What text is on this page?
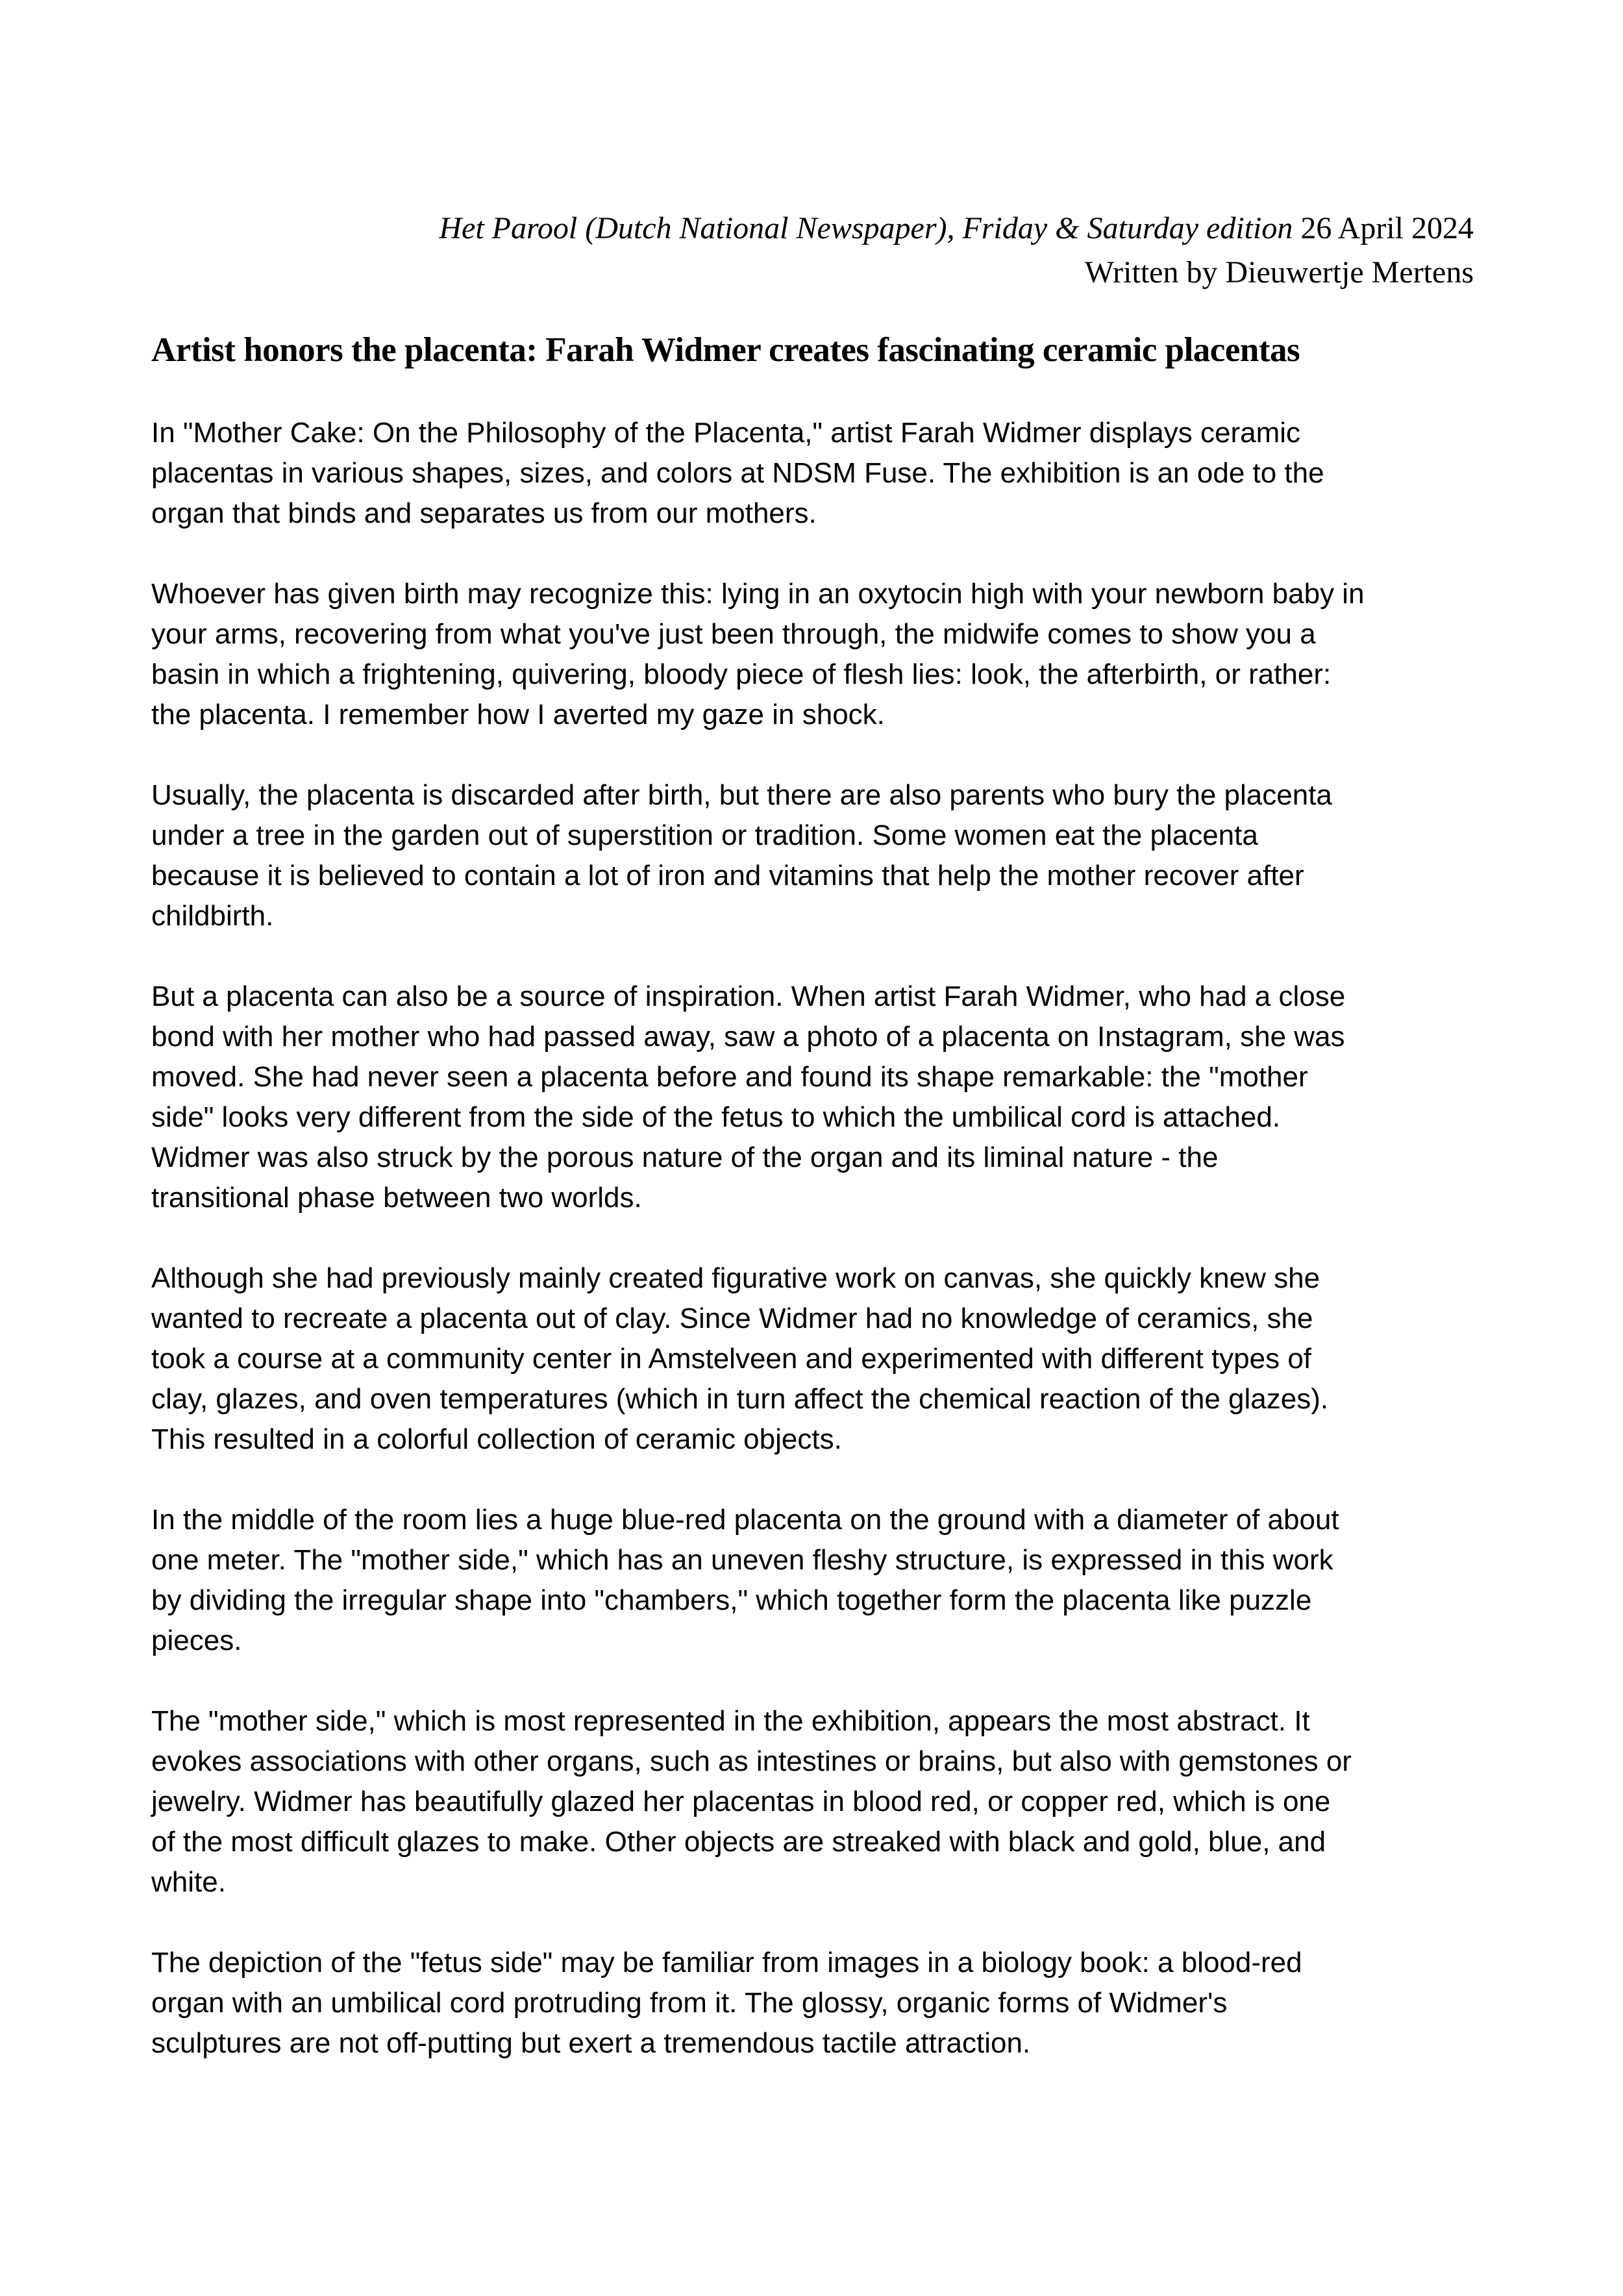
Het Parool (Dutch National Newspaper), Friday & Saturday edition 26 April 2024
Written by Dieuwertje Mertens
Artist honors the placenta: Farah Widmer creates fascinating ceramic placentas
In "Mother Cake: On the Philosophy of the Placenta," artist Farah Widmer displays ceramic
placentas in various shapes, sizes, and colors at NDSM Fuse. The exhibition is an ode to the
organ that binds and separates us from our mothers.
Whoever has given birth may recognize this: lying in an oxytocin high with your newborn baby in
your arms, recovering from what you've just been through, the midwife comes to show you a
basin in which a frightening, quivering, bloody piece of flesh lies: look, the afterbirth, or rather:
the placenta. I remember how I averted my gaze in shock.
Usually, the placenta is discarded after birth, but there are also parents who bury the placenta
under a tree in the garden out of superstition or tradition. Some women eat the placenta
because it is believed to contain a lot of iron and vitamins that help the mother recover after
childbirth.
But a placenta can also be a source of inspiration. When artist Farah Widmer, who had a close
bond with her mother who had passed away, saw a photo of a placenta on Instagram, she was
moved. She had never seen a placenta before and found its shape remarkable: the "mother
side" looks very different from the side of the fetus to which the umbilical cord is attached.
Widmer was also struck by the porous nature of the organ and its liminal nature - the
transitional phase between two worlds.
Although she had previously mainly created figurative work on canvas, she quickly knew she
wanted to recreate a placenta out of clay. Since Widmer had no knowledge of ceramics, she
took a course at a community center in Amstelveen and experimented with different types of
clay, glazes, and oven temperatures (which in turn affect the chemical reaction of the glazes).
This resulted in a colorful collection of ceramic objects.
In the middle of the room lies a huge blue-red placenta on the ground with a diameter of about
one meter. The "mother side," which has an uneven fleshy structure, is expressed in this work
by dividing the irregular shape into "chambers," which together form the placenta like puzzle
pieces.
The "mother side," which is most represented in the exhibition, appears the most abstract. It
evokes associations with other organs, such as intestines or brains, but also with gemstones or
jewelry. Widmer has beautifully glazed her placentas in blood red, or copper red, which is one
of the most difficult glazes to make. Other objects are streaked with black and gold, blue, and
white.
The depiction of the "fetus side" may be familiar from images in a biology book: a blood-red
organ with an umbilical cord protruding from it. The glossy, organic forms of Widmer's
sculptures are not off-putting but exert a tremendous tactile attraction.
